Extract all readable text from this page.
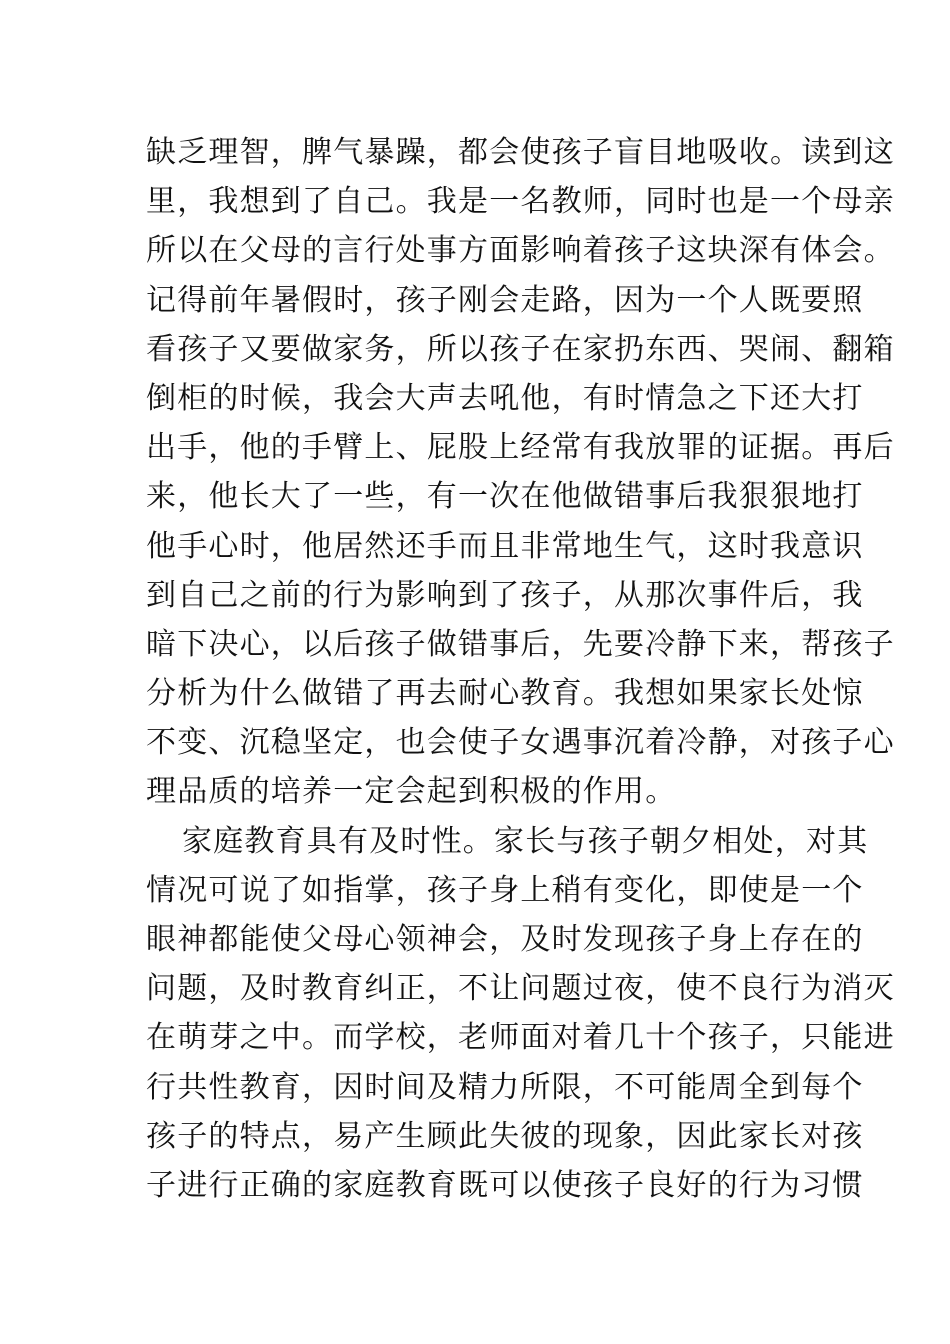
缺乏理智，脾气暴躁，都会使孩子盲目地吸收。读到这
里，我想到了自己。我是一名教师，同时也是一个母亲
所以在父母的言行处事方面影响着孩子这块深有体会。
记得前年暑假时，孩子刚会走路，因为一个人既要照
看孩子又要做家务，所以孩子在家扔东西、哭闹、翻箱
倒柜的时候，我会大声去吼他，有时情急之下还大打
出手，他的手臂上、屁股上经常有我放罪的证据。再后
来，他长大了一些，有一次在他做错事后我狠狠地打
他手心时，他居然还手而且非常地生气，这时我意识
到自己之前的行为影响到了孩子，从那次事件后，我
暗下决心，以后孩子做错事后，先要冷静下来，帮孩子
分析为什么做错了再去耐心教育。我想如果家长处惊
不变、沉稳坚定，也会使子女遇事沉着冷静，对孩子心
理品质的培养一定会起到积极的作用。
家庭教育具有及时性。家长与孩子朝夕相处，对其
情况可说了如指掌，孩子身上稍有变化，即使是一个
眼神都能使父母心领神会，及时发现孩子身上存在的
问题，及时教育纠正，不让问题过夜，使不良行为消灭
在萌芽之中。而学校，老师面对着几十个孩子，只能进
行共性教育，因时间及精力所限，不可能周全到每个
孩子的特点，易产生顾此失彼的现象，因此家长对孩
子进行正确的家庭教育既可以使孩子良好的行为习惯
